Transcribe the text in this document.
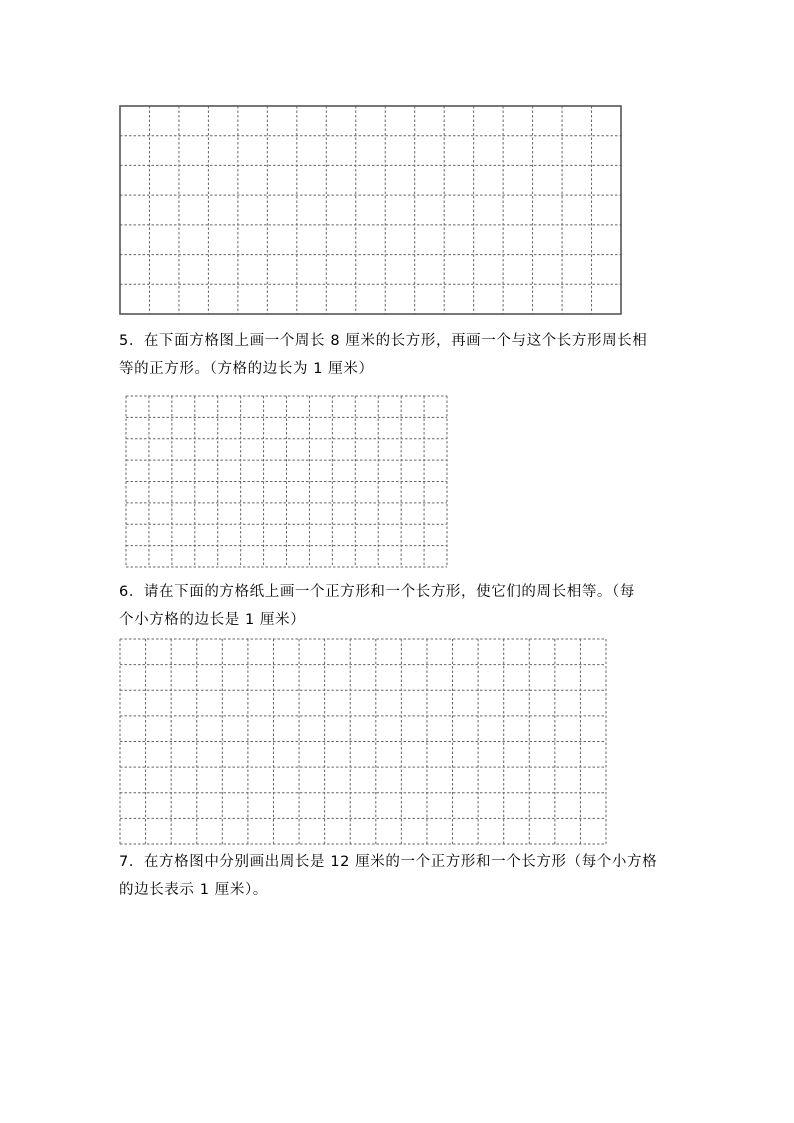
5．在下面方格图上画一个周长 8 厘米的长方形，再画一个与这个长方形周长相
等的正方形。（方格的边长为 1 厘米）

6．请在下面的方格纸上画一个正方形和一个长方形，使它们的周长相等。（每
个小方格的边长是 1 厘米）

7．在方格图中分别画出周长是 12 厘米的一个正方形和一个长方形（每个小方格
的边长表示 1 厘米）。
